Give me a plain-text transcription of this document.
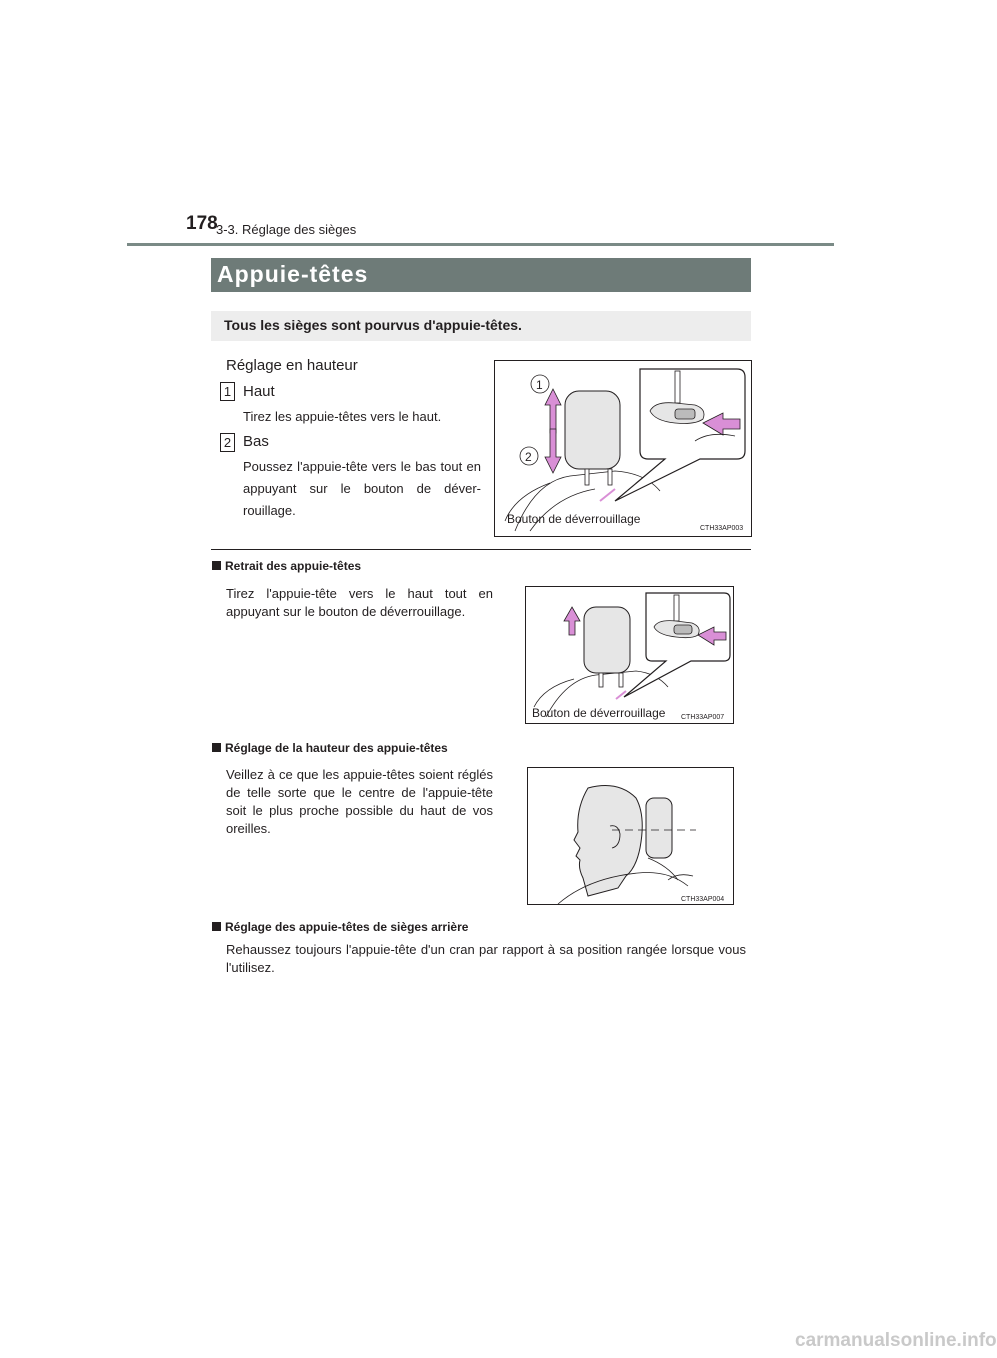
178
3-3. Réglage des sièges
Appuie-têtes
Tous les sièges sont pourvus d'appuie-têtes.
Réglage en hauteur
1 Haut
Tirez les appuie-têtes vers le haut.
2 Bas
Poussez l'appuie-tête vers le bas tout en appuyant sur le bouton de déver-rouillage.
1
2
Bouton de déverrouillage
CTH33AP003
Retrait des appuie-têtes
Tirez l'appuie-tête vers le haut tout en appuyant sur le bouton de déverrouillage.
Bouton de déverrouillage CTH33AP007
Réglage de la hauteur des appuie-têtes
Veillez à ce que les appuie-têtes soient réglés de telle sorte que le centre de l'appuie-tête soit le plus proche possible du haut de vos oreilles.
CTH33AP004
Réglage des appuie-têtes de sièges arrière
Rehaussez toujours l'appuie-tête d'un cran par rapport à sa position rangée lorsque vous l'utilisez.
carmanualsonline.info
